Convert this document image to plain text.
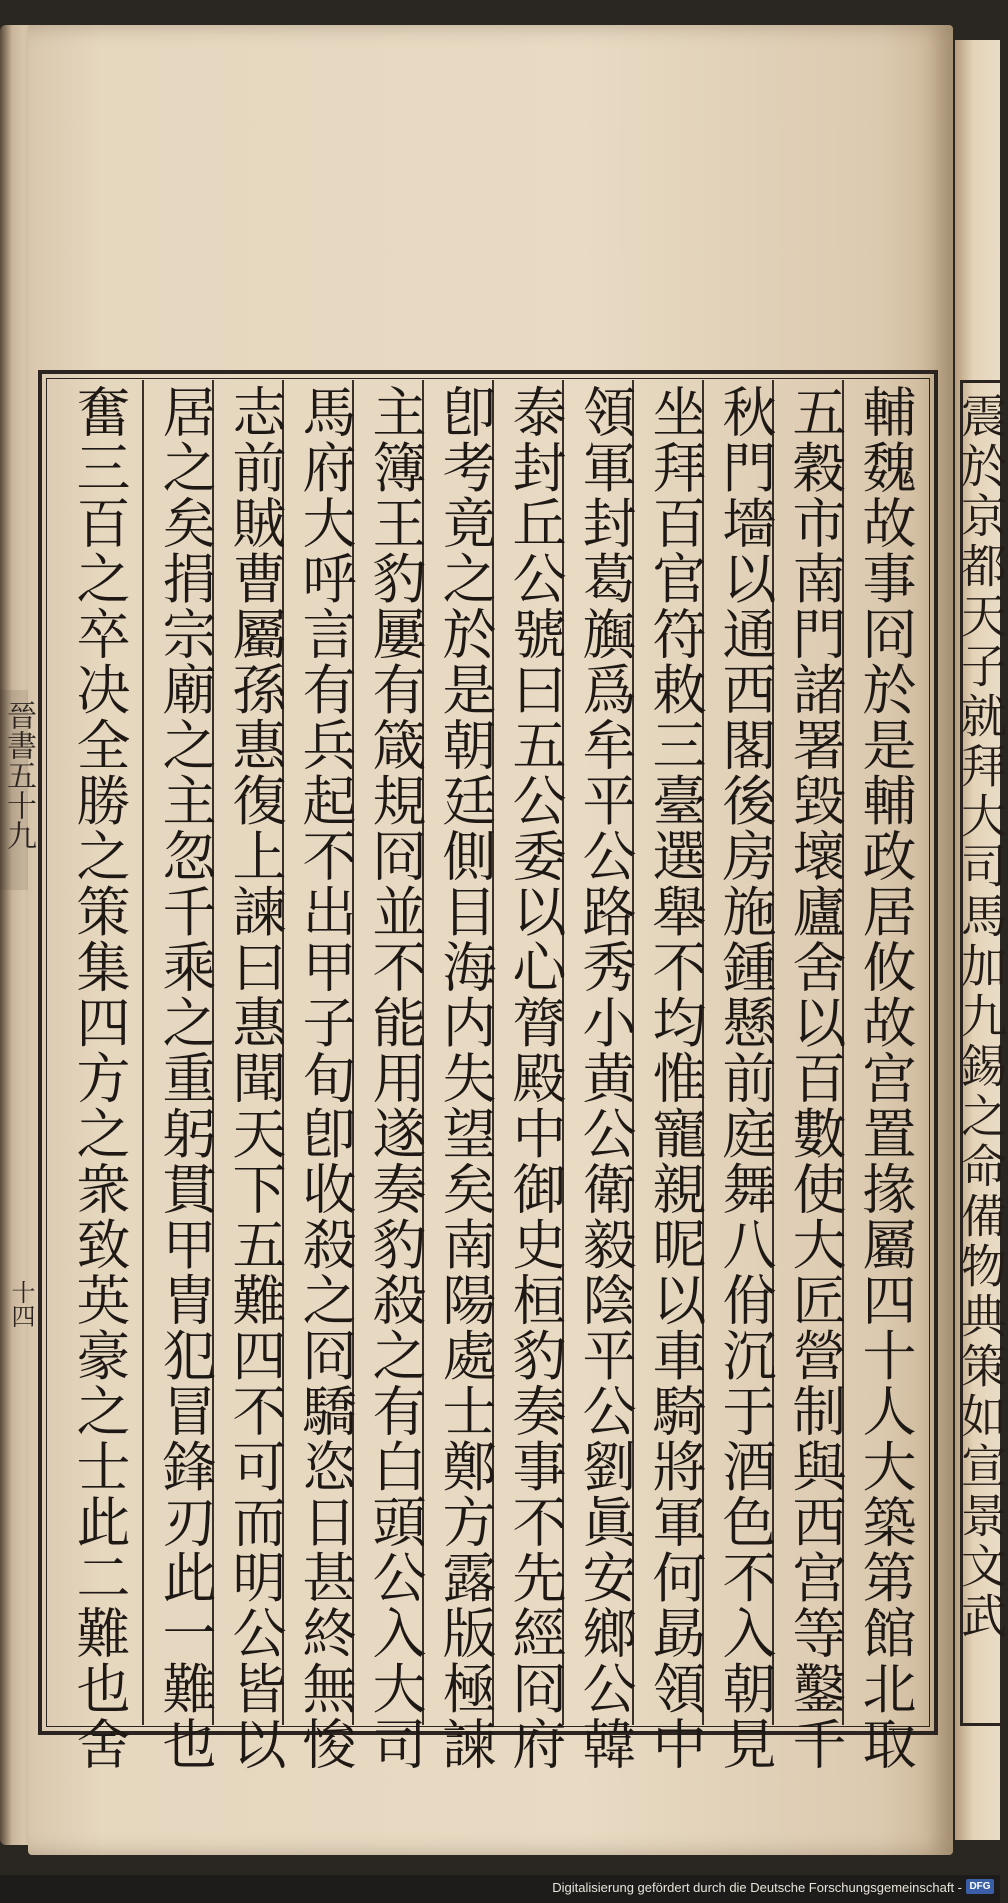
震於京都天子就拜大司馬加九錫之命備物典策如宣景文武
晉書五十九
十四	輔魏故事冏於是輔政居攸故宫置掾屬四十人大築第館北取
五穀市南門諸署毀壞廬舍以百數使大匠營制與西宫等鑿千
秋門墻以通西閣後房施鍾懸前庭舞八佾沉于酒色不入朝見
坐拜百官符敕三臺選舉不均惟寵親昵以車騎將軍何勗領中
領軍封葛旟爲牟平公路秀小黄公衛毅陰平公劉眞安鄉公韓
泰封丘公號曰五公委以心膂殿中御史桓豹奏事不先經冏府
卽考竟之於是朝廷側目海内失望矣南陽處士鄭方露版極諫
主簿王豹屢有箴規冏並不能用遂奏豹殺之有白頭公入大司
馬府大呼言有兵起不出甲子旬卽收殺之冏驕恣日甚終無悛
志前賊曹屬孫惠復上諫曰惠聞天下五難四不可而明公皆以
居之矣捐宗廟之主忽千乘之重躬貫甲胄犯冒鋒刃此一難也
奮三百之卒决全勝之策集四方之衆致英豪之士此二難也舍
Digitalisierung gefördert durch die Deutsche Forschungsgemeinschaft - DFG
